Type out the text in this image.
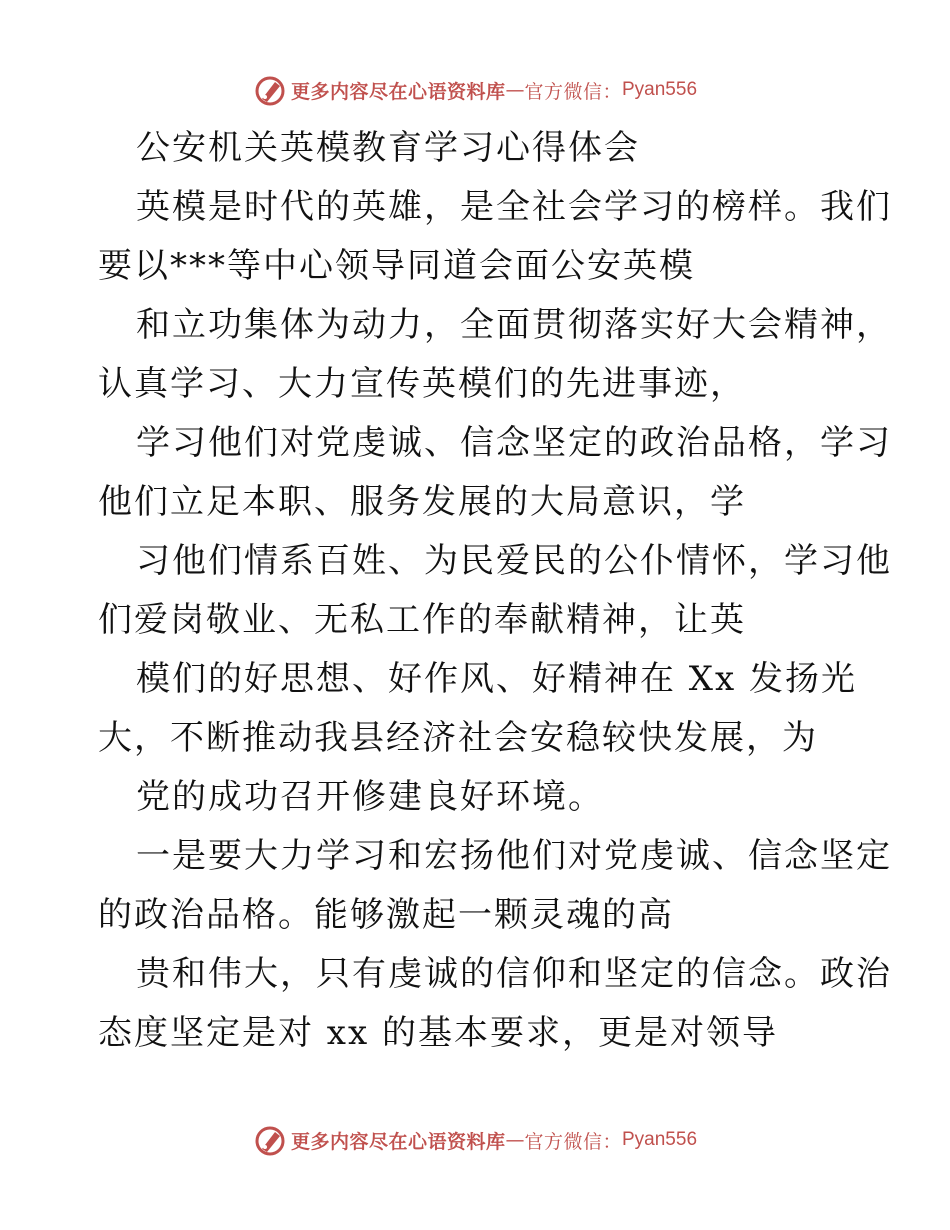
更多内容尽在心语资料库 — 官方微信： Pyan556
公安机关英模教育学习心得体会
英模是时代的英雄，是全社会学习的榜样。我们
要以***等中心领导同道会面公安英模
和立功集体为动力，全面贯彻落实好大会精神，
认真学习、大力宣传英模们的先进事迹，
学习他们对党虔诚、信念坚定的政治品格，学习
他们立足本职、服务发展的大局意识，学
习他们情系百姓、为民爱民的公仆情怀，学习他
们爱岗敬业、无私工作的奉献精神，让英
模们的好思想、好作风、好精神在 Xx 发扬光
大，不断推动我县经济社会安稳较快发展，为
党的成功召开修建良好环境。
一是要大力学习和宏扬他们对党虔诚、信念坚定
的政治品格。能够激起一颗灵魂的高
贵和伟大，只有虔诚的信仰和坚定的信念。政治
态度坚定是对 xx 的基本要求，更是对领导
更多内容尽在心语资料库 — 官方微信： Pyan556
